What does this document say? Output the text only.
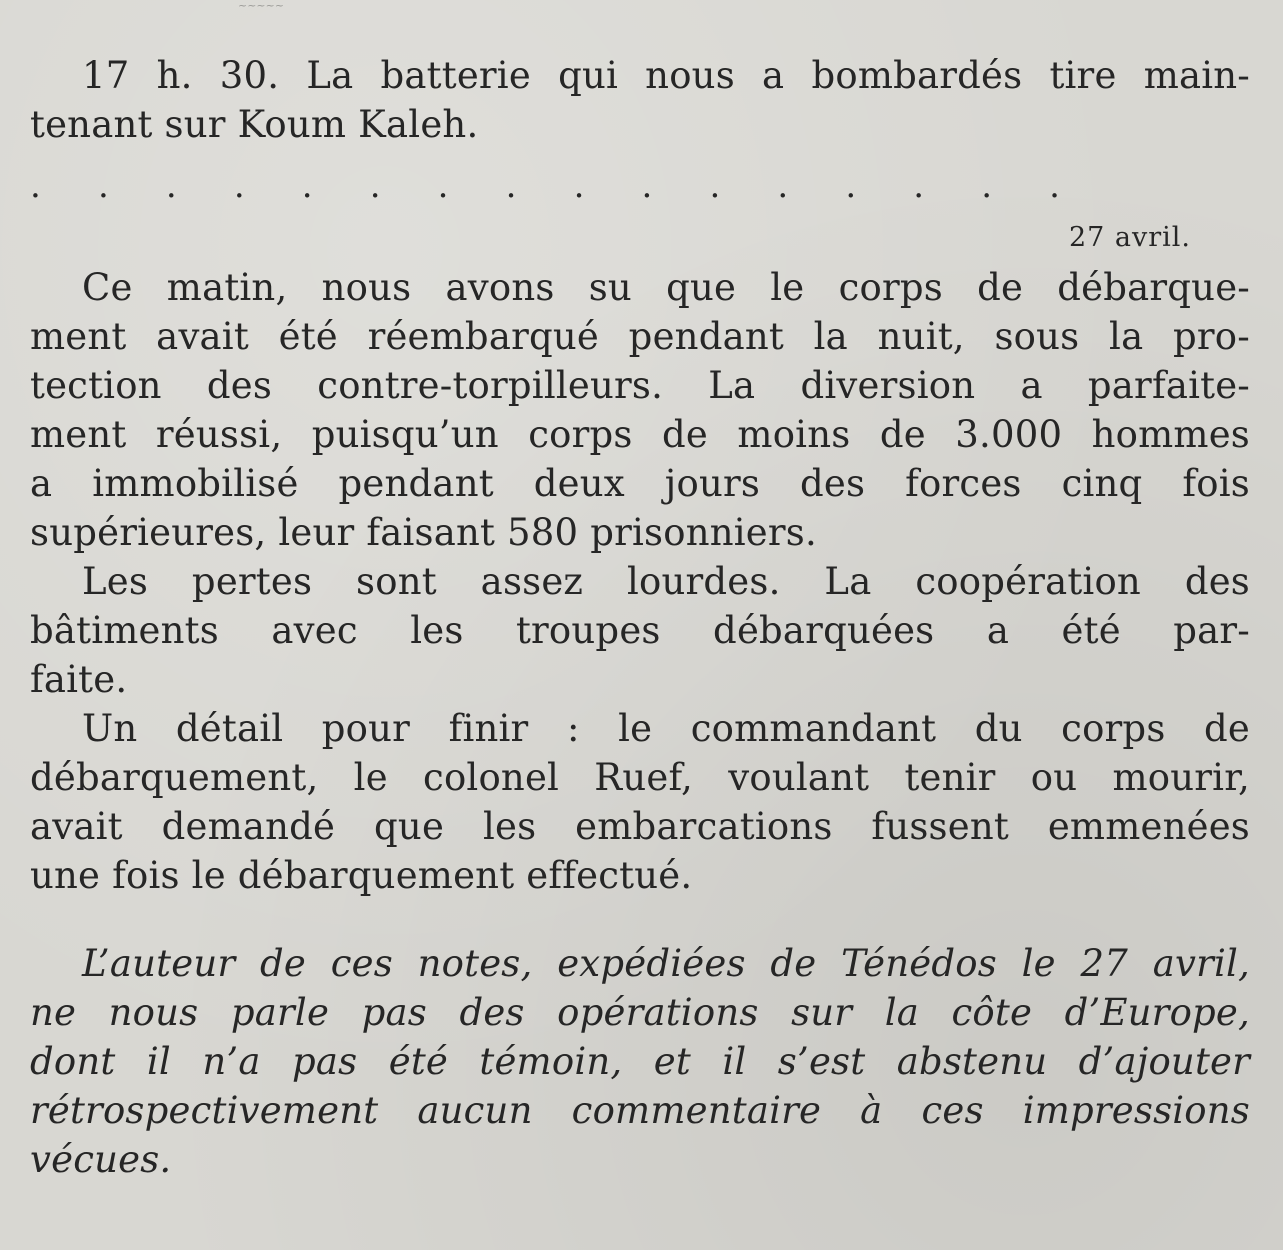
~~~~~
17 h. 30. La batterie qui nous a bombardés tire main-
tenant sur Koum Kaleh.
. . . . . . . . . . . . . . . .
27 avril.
Ce matin, nous avons su que le corps de débarque-
ment avait été réembarqué pendant la nuit, sous la pro-
tection des contre-torpilleurs. La diversion a parfaite-
ment réussi, puisqu’un corps de moins de 3.000 hommes
a immobilisé pendant deux jours des forces cinq fois
supérieures, leur faisant 580 prisonniers.
Les pertes sont assez lourdes. La coopération des
bâtiments avec les troupes débarquées a été par-
faite.
Un détail pour finir : le commandant du corps de
débarquement, le colonel Ruef, voulant tenir ou mourir,
avait demandé que les embarcations fussent emmenées
une fois le débarquement effectué.
L’auteur de ces notes, expédiées de Ténédos le 27 avril,
ne nous parle pas des opérations sur la côte d’Europe,
dont il n’a pas été témoin, et il s’est abstenu d’ajouter
rétrospectivement aucun commentaire à ces impressions
vécues.
